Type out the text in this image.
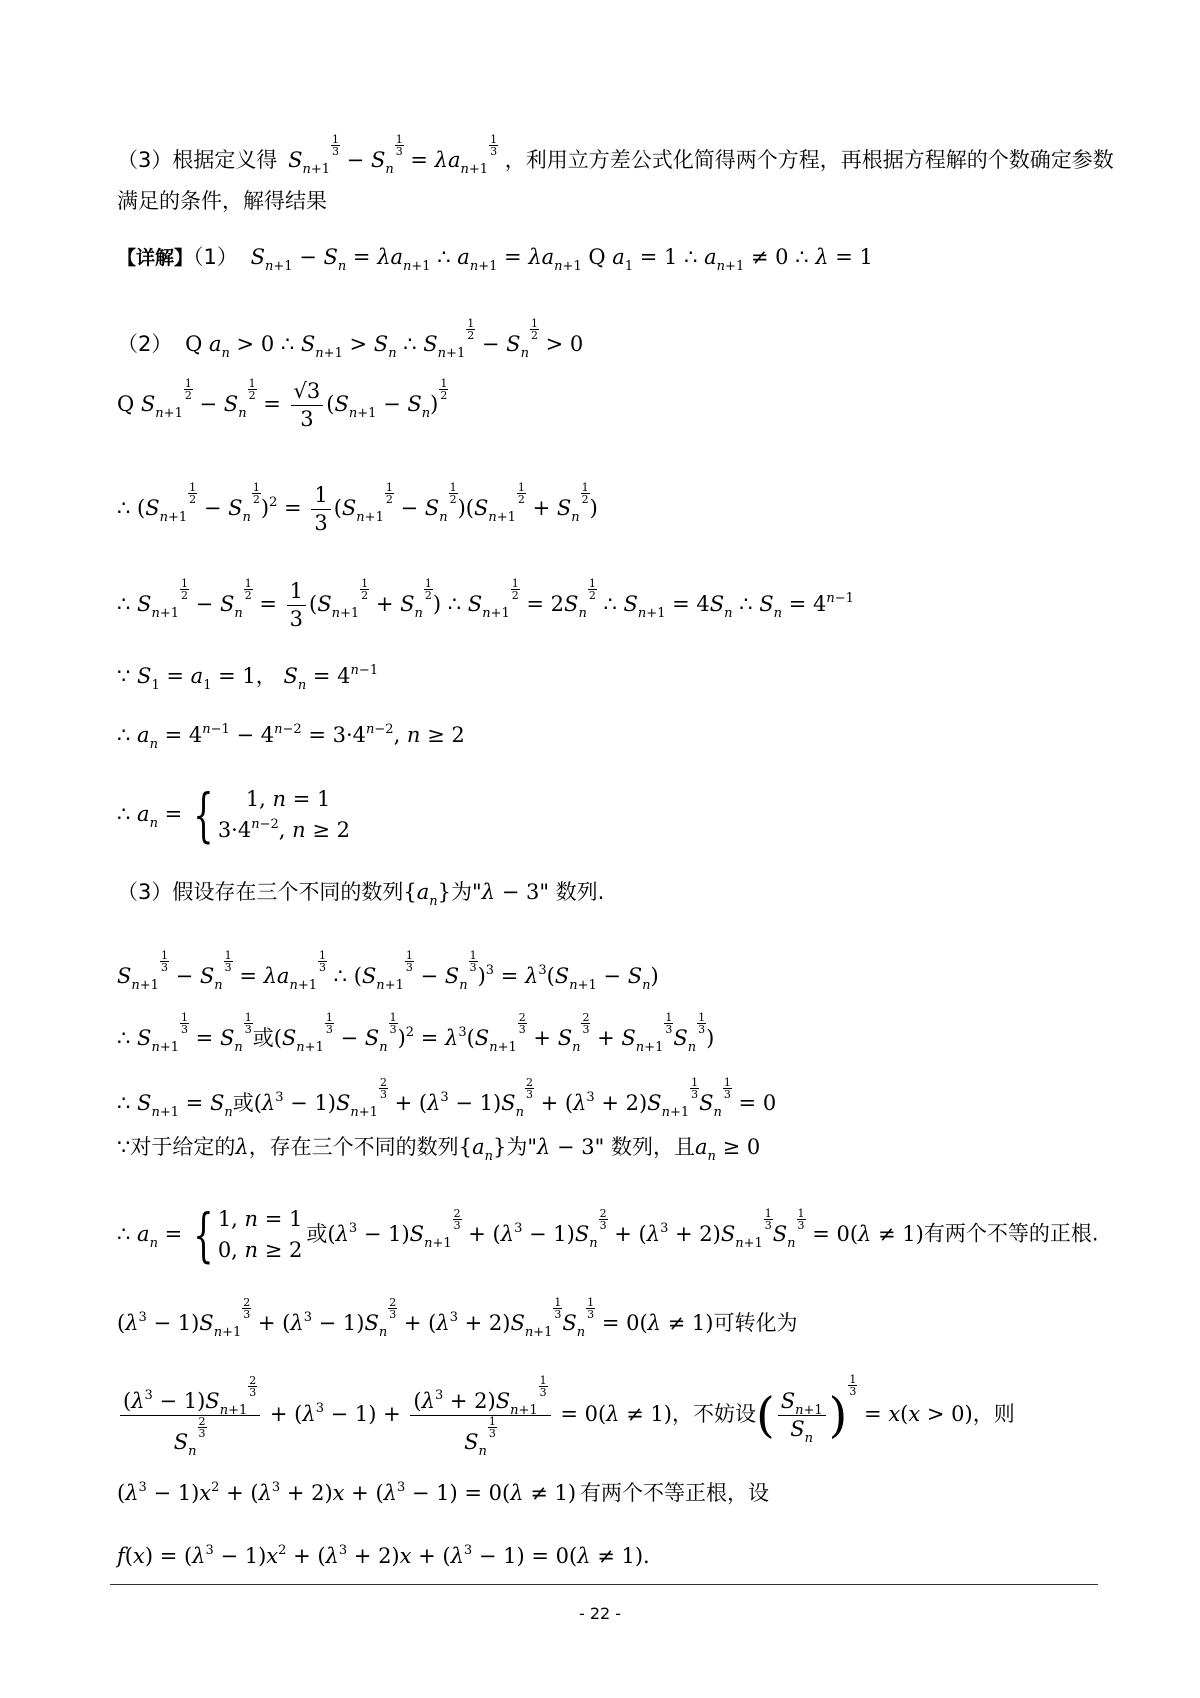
（3）根据定义得 $S_{n+1}$
$\frac{1}{3}$
− $S_n$
$\frac{1}{3}$
= $\lambda a_{n+1}$
$\frac{1}{3}$
，利用立方差公式化简得两个方程，再根据方程解的个数确定参数
满足的条件，解得结果
【详解】（1） $S_{n+1} - S_n = \lambda a_{n+1}$ ∴ $a_{n+1} = \lambda a_{n+1}$ Q $a_1 = 1$ ∴ $a_{n+1} \ne 0$ ∴ λ = 1
（2） Q $a_n > 0$ ∴ $S_{n+1} > S_n$ ∴ $S_{n+1}$
$\frac{1}{2}$
− $S_n$
$\frac{1}{2}$
> 0
Q $S_{n+1}$
$\frac{1}{2}$
− $S_n$
$\frac{1}{2}$
= $\frac{√3}{3} (S_{n+1} - S_n)$
$\frac{1}{2}$
∴ ($S_{n+1}$
$\frac{1}{2}$
− $S_n$
$\frac{1}{2}$
)$^2 = \frac{1}{3} (S_{n+1}$
$\frac{1}{2}$
− $S_n$
$\frac{1}{2}$
)($S_{n+1}$
$\frac{1}{2}$
+ $S_n$
$\frac{1}{2}$
)
∴ $S_{n+1}$
$\frac{1}{2}$
− $S_n$
$\frac{1}{2}$
= $\frac{1}{3} (S_{n+1}$
$\frac{1}{2}$
+ $S_n$
$\frac{1}{2}$
) ∴ $S_{n+1}$
$\frac{1}{2}$
= $2S_n$
$\frac{1}{2}$
∴ $S_{n+1} = 4S_n$ ∴ $S_n = 4^{n-1}$
∵ $S_1 = a_1 = 1$， $S_n = 4^{n-1}$
∴ $a_n = 4^{n-1} - 4^{n-2} = 3\cdot 4^{n-2}$, n ≥ 2
∴ $a_n$ = {	1, n = 1
$3\cdot 4^{n-2}$, n ≥ 2
（3）假设存在三个不同的数列$\{a_n\}$为"λ − 3" 数列.
$S_{n+1}$
$\frac{1}{3}$
− $S_n$
$\frac{1}{3}$
= $\lambda a_{n+1}$
$\frac{1}{3}$
∴ ($S_{n+1}$
$\frac{1}{3}$
− $S_n$
$\frac{1}{3}$
)$^3 = \lambda^3(S_{n+1} - S_n)$
∴ $S_{n+1}$
$\frac{1}{3}$
= $S_n$
$\frac{1}{3}$
或($S_{n+1}$
$\frac{1}{3}$
− $S_n$
$\frac{1}{3}$
)$^2 = \lambda^3(S_{n+1}$
$\frac{2}{3}$
+ $S_n$
$\frac{2}{3}$
+ $S_{n+1}$
$\frac{1}{3}$
$S_n$
$\frac{1}{3}$
)
∴ $S_{n+1} = S_n$或$(\lambda^3 - 1)S_{n+1}$
$\frac{2}{3}$
+ $(\lambda^3 - 1)S_n$
$\frac{2}{3}$
+ $(\lambda^3 + 2)S_{n+1}$
$\frac{1}{3}$
$S_n$
$\frac{1}{3}$
= 0
∵对于给定的λ，存在三个不同的数列$\{a_n\}$为"λ − 3" 数列，且$a_n \ge 0$
∴ $a_n$ = { 1, n = 1
0, n ≥ 2
或$(\lambda^3 - 1)S_{n+1}$
$\frac{2}{3}$
+ $(\lambda^3 - 1)S_n$
$\frac{2}{3}$
+ $(\lambda^3 + 2)S_{n+1}$
$\frac{1}{3}$
$S_n$
$\frac{1}{3}$
= 0(λ ≠ 1)有两个不等的正根.
$(\lambda^3 - 1)S_{n+1}$
$\frac{2}{3}$
+ $(\lambda^3 - 1)S_n$
$\frac{2}{3}$
+ $(\lambda^3 + 2)S_{n+1}$
$\frac{1}{3}$
$S_n$
$\frac{1}{3}$
= 0(λ ≠ 1)可转化为
$(\lambda^3 - 1)S_{n+1}$
$\frac{2}{3}$
$S_n$
$\frac{2}{3} + (\lambda^3 - 1) + (\lambda^3 + 2)S_{n+1}$
$\frac{1}{3}$
$S_n$
$\frac{1}{3} = 0(\lambda \ne 1)$，不妨设( $\frac{S_{n+1}}{S_n}$ )
$\frac{1}{3}$
= x(x > 0)，则
$(\lambda^3 - 1)x^2 + (\lambda^3 + 2)x + (\lambda^3 - 1) = 0(\lambda \ne 1)$ 有两个不等正根，设
$f(x) = (\lambda^3 - 1)x^2 + (\lambda^3 + 2)x + (\lambda^3 - 1) = 0(\lambda \ne 1)$.
- 22 -
